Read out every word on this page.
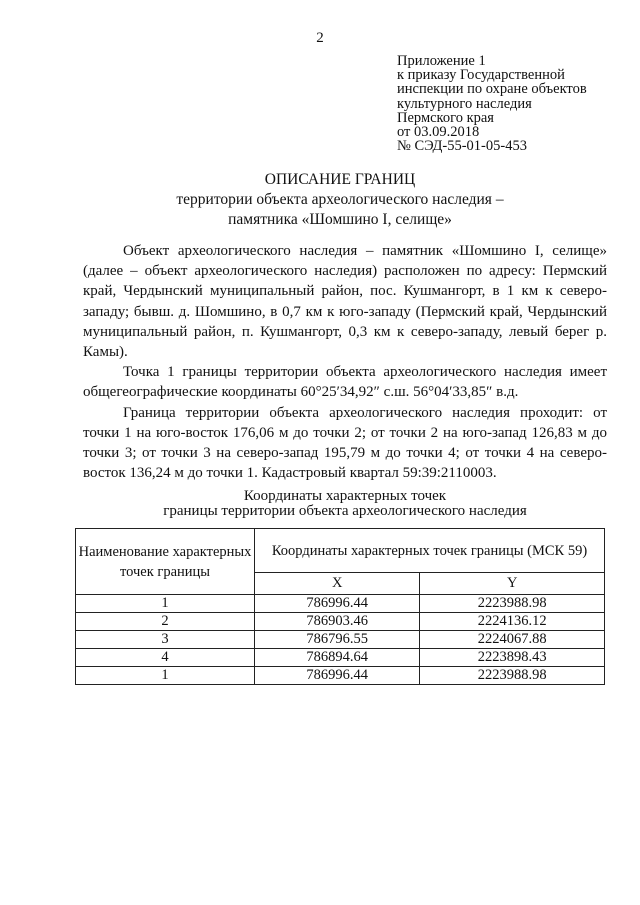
2
Приложение 1
к приказу Государственной
инспекции по охране объектов
культурного наследия
Пермского края
от 03.09.2018
№ СЭД-55-01-05-453
ОПИСАНИЕ ГРАНИЦ
территории объекта археологического наследия –
памятника «Шомшино I, селище»

Объект археологического наследия – памятник «Шомшино I, селище» (далее – объект археологического наследия) расположен по адресу: Пермский край, Чердынский муниципальный район, пос. Кушмангорт, в 1 км к северо-западу; бывш. д. Шомшино, в 0,7 км к юго-западу (Пермский край, Чердынский муниципальный район, п. Кушмангорт, 0,3 км к северо-западу, левый берег р. Камы).

Точка 1 границы территории объекта археологического наследия имеет общегеографические координаты 60°25′34,92″ с.ш. 56°04′33,85″ в.д.

Граница территории объекта археологического наследия проходит: от точки 1 на юго-восток 176,06 м до точки 2; от точки 2 на юго-запад 126,83 м до точки 3; от точки 3 на северо-запад 195,79 м до точки 4; от точки 4 на северо-восток 136,24 м до точки 1. Кадастровый квартал 59:39:2110003.

Координаты характерных точек
границы территории объекта археологического наследия
Наименование характерных точек границы	Координаты характерных точек границы (МСК 59)	
	X	Y
1	786996.44	2223988.98
2	786903.46	2224136.12
3	786796.55	2224067.88
4	786894.64	2223898.43
1	786996.44	2223988.98
